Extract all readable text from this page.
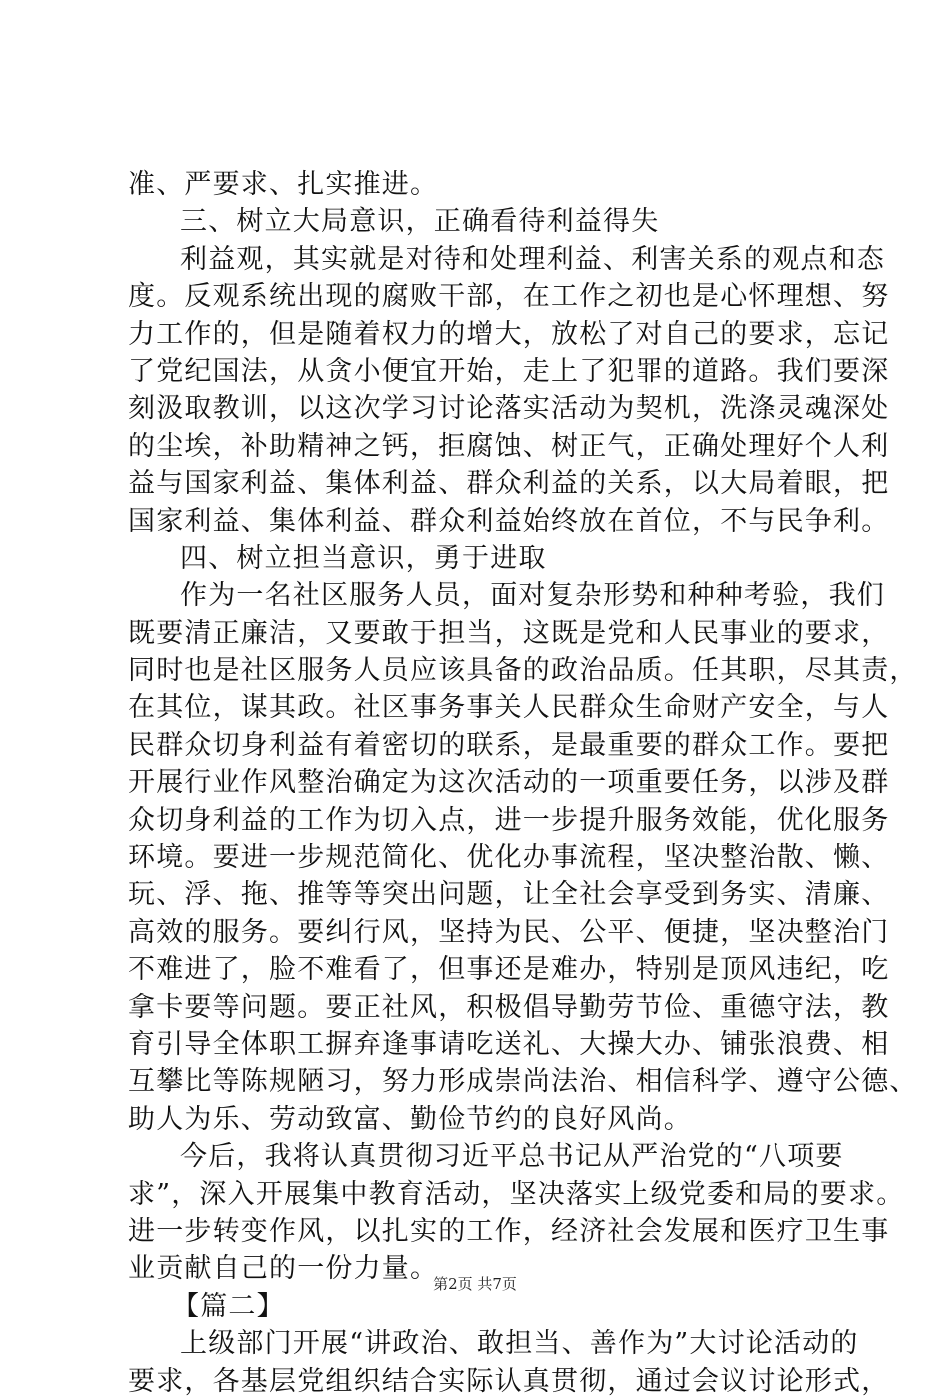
准、严要求、扎实推进。
三、树立大局意识，正确看待利益得失
利益观，其实就是对待和处理利益、利害关系的观点和态
度。反观系统出现的腐败干部，在工作之初也是心怀理想、努
力工作的，但是随着权力的增大，放松了对自己的要求，忘记
了党纪国法，从贪小便宜开始，走上了犯罪的道路。我们要深
刻汲取教训，以这次学习讨论落实活动为契机，洗涤灵魂深处
的尘埃，补助精神之钙，拒腐蚀、树正气，正确处理好个人利
益与国家利益、集体利益、群众利益的关系，以大局着眼，把
国家利益、集体利益、群众利益始终放在首位，不与民争利。
四、树立担当意识，勇于进取
作为一名社区服务人员，面对复杂形势和种种考验，我们
既要清正廉洁，又要敢于担当，这既是党和人民事业的要求，
同时也是社区服务人员应该具备的政治品质。任其职，尽其责，
在其位，谋其政。社区事务事关人民群众生命财产安全，与人
民群众切身利益有着密切的联系，是最重要的群众工作。要把
开展行业作风整治确定为这次活动的一项重要任务，以涉及群
众切身利益的工作为切入点，进一步提升服务效能，优化服务
环境。要进一步规范简化、优化办事流程，坚决整治散、懒、
玩、浮、拖、推等等突出问题，让全社会享受到务实、清廉、
高效的服务。要纠行风，坚持为民、公平、便捷，坚决整治门
不难进了，脸不难看了，但事还是难办，特别是顶风违纪，吃
拿卡要等问题。要正社风，积极倡导勤劳节俭、重德守法，教
育引导全体职工摒弃逢事请吃送礼、大操大办、铺张浪费、相
互攀比等陈规陋习，努力形成崇尚法治、相信科学、遵守公德、
助人为乐、劳动致富、勤俭节约的良好风尚。
今后，我将认真贯彻习近平总书记从严治党的“八项要
求”，深入开展集中教育活动，坚决落实上级党委和局的要求。
进一步转变作风，以扎实的工作，经济社会发展和医疗卫生事
业贡献自己的一份力量。
【篇二】
上级部门开展“讲政治、敢担当、善作为”大讨论活动的
要求，各基层党组织结合实际认真贯彻，通过会议讨论形式，
第2页 共7页
